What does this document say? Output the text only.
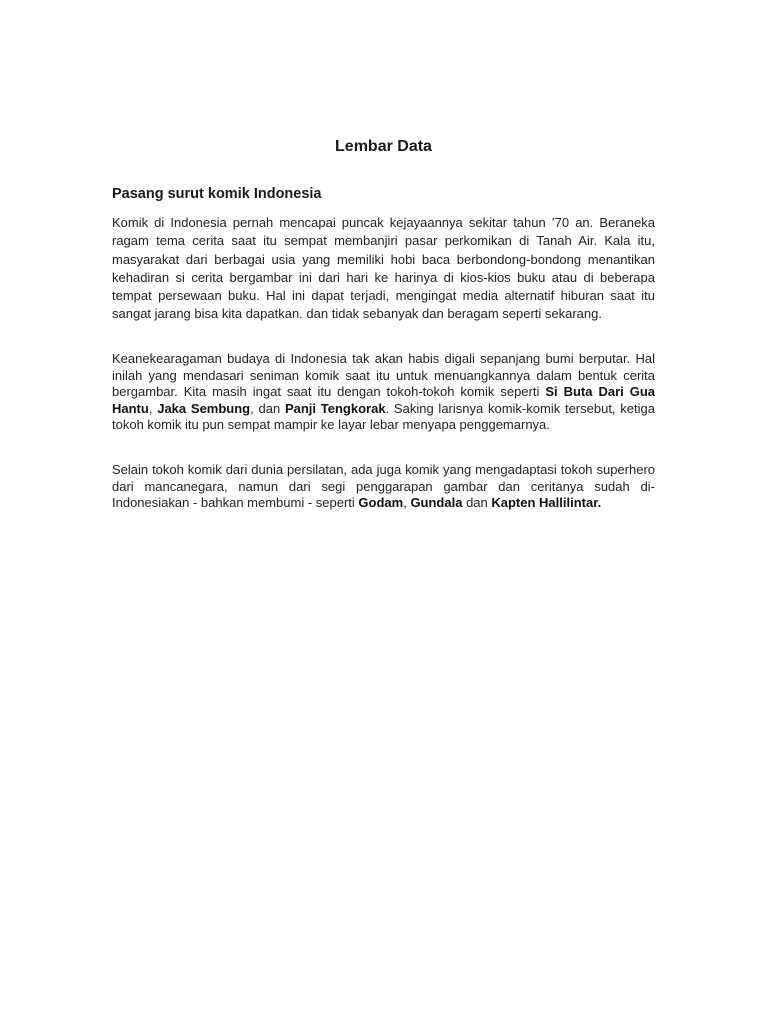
Lembar Data
Pasang surut komik Indonesia

Komik di Indonesia pernah mencapai puncak kejayaannya sekitar tahun ’70 an. Beraneka ragam tema cerita saat itu sempat membanjiri pasar perkomikan di Tanah Air. Kala itu, masyarakat dari berbagai usia yang memiliki hobi baca berbondong-bondong menantikan kehadiran si cerita bergambar ini dari hari ke harinya di kios-kios buku atau di beberapa tempat persewaan buku. Hal ini dapat terjadi, mengingat media alternatif hiburan saat itu sangat jarang bisa kita dapatkan. dan tidak sebanyak dan beragam seperti sekarang.

Keanekearagaman budaya di Indonesia tak akan habis digali sepanjang bumi berputar. Hal inilah yang mendasari seniman komik saat itu untuk menuangkannya dalam bentuk cerita bergambar. Kita masih ingat saat itu dengan tokoh-tokoh komik seperti Si Buta Dari Gua Hantu, Jaka Sembung, dan Panji Tengkorak. Saking larisnya komik-komik tersebut, ketiga tokoh komik itu pun sempat mampir ke layar lebar menyapa penggemarnya.

Selain tokoh komik dari dunia persilatan, ada juga komik yang mengadaptasi tokoh superhero dari mancanegara, namun dari segi penggarapan gambar dan ceritanya sudah di-Indonesiakan - bahkan membumi - seperti Godam, Gundala dan Kapten Hallilintar.
